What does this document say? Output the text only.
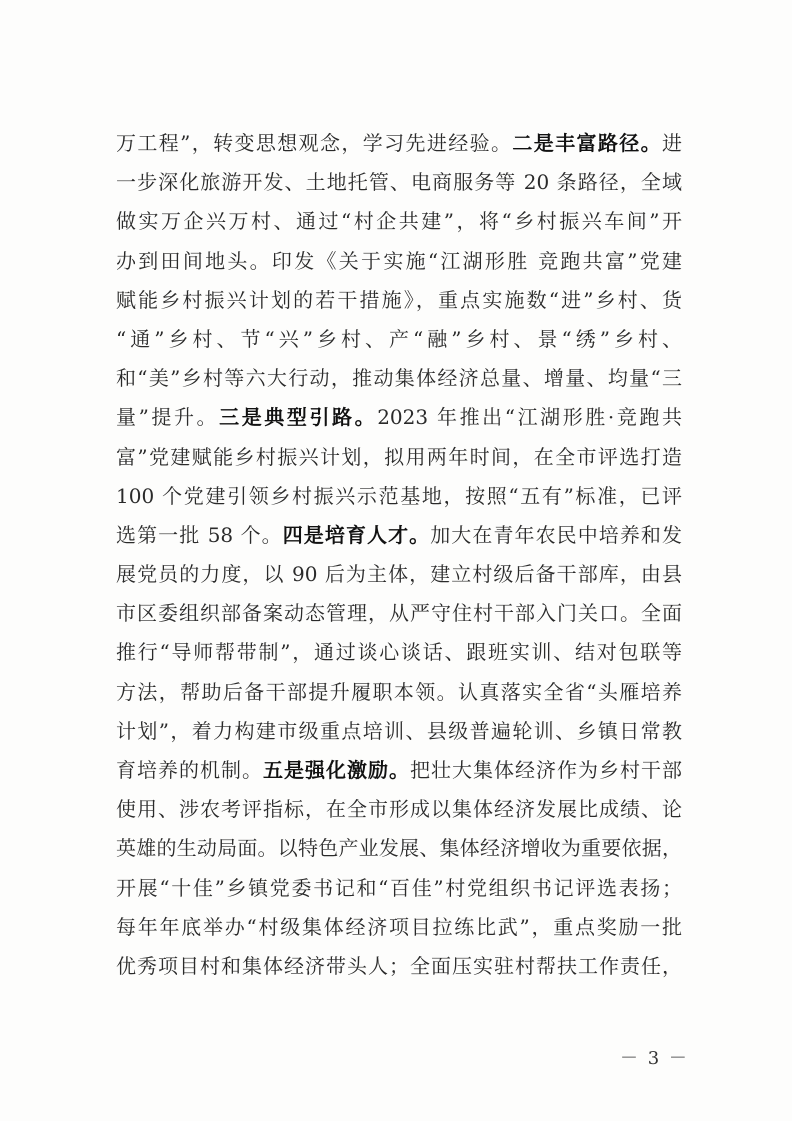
万工程”，转变思想观念，学习先进经验。二是丰富路径。进
一步深化旅游开发、土地托管、电商服务等 20 条路径，全域
做实万企兴万村、通过“村企共建”，将“乡村振兴车间”开
办到田间地头。印发《关于实施“江湖形胜 竞跑共富”党建
赋能乡村振兴计划的若干措施》，重点实施数“进”乡村、货
“通”乡村、节“兴”乡村、产“融”乡村、景“绣”乡村、
和“美”乡村等六大行动，推动集体经济总量、增量、均量“三
量”提升。三是典型引路。2023 年推出“江湖形胜·竞跑共
富”党建赋能乡村振兴计划，拟用两年时间，在全市评选打造
100 个党建引领乡村振兴示范基地，按照“五有”标准，已评
选第一批 58 个。四是培育人才。加大在青年农民中培养和发
展党员的力度，以 90 后为主体，建立村级后备干部库，由县
市区委组织部备案动态管理，从严守住村干部入门关口。全面
推行“导师帮带制”，通过谈心谈话、跟班实训、结对包联等
方法，帮助后备干部提升履职本领。认真落实全省“头雁培养
计划”，着力构建市级重点培训、县级普遍轮训、乡镇日常教
育培养的机制。五是强化激励。把壮大集体经济作为乡村干部
使用、涉农考评指标，在全市形成以集体经济发展比成绩、论
英雄的生动局面。以特色产业发展、集体经济增收为重要依据，
开展“十佳”乡镇党委书记和“百佳”村党组织书记评选表扬；
每年年底举办“村级集体经济项目拉练比武”，重点奖励一批
优秀项目村和集体经济带头人；全面压实驻村帮扶工作责任，
－ 3 －
